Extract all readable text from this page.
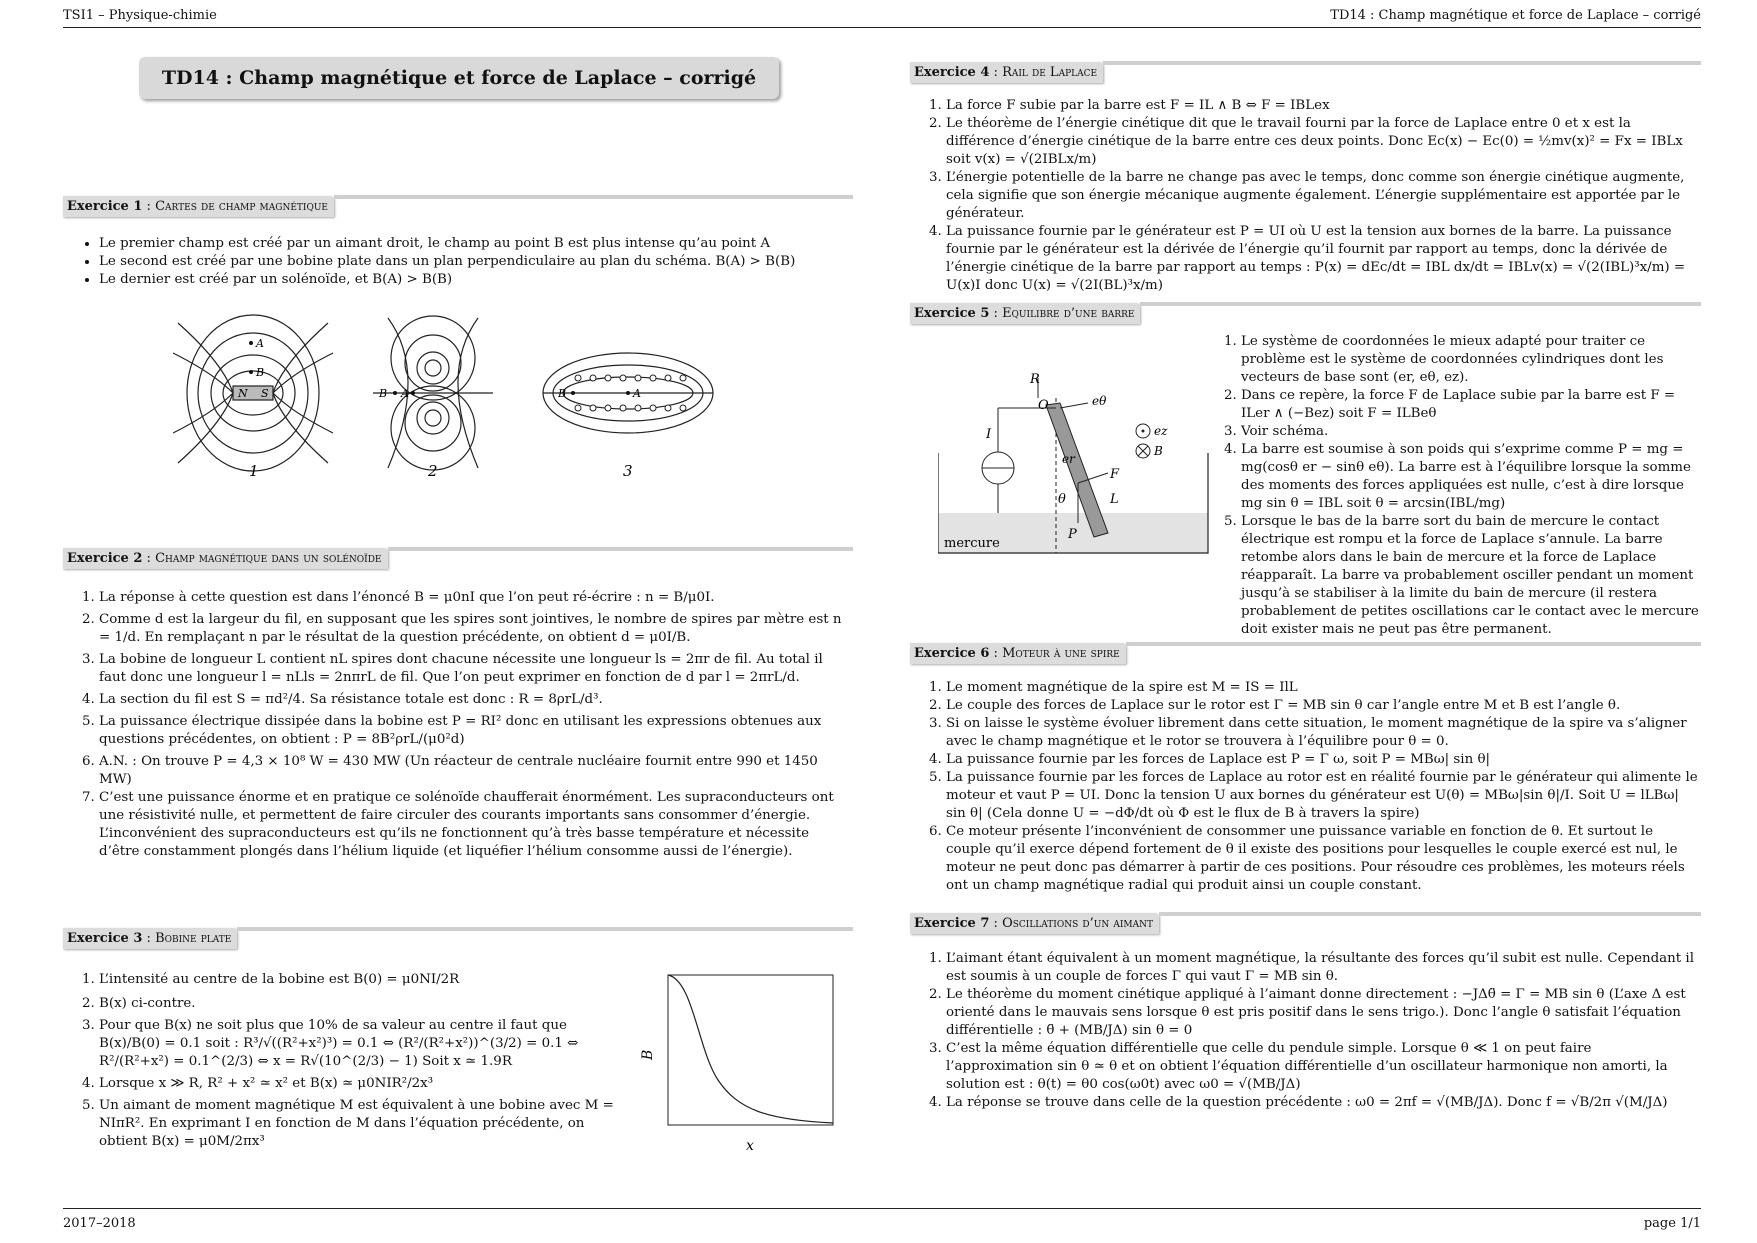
TSI1 – Physique-chimie	TD14 : Champ magnétique et force de Laplace – corrigé
TD14 : Champ magnétique et force de Laplace – corrigé
Exercice 1 : Cartes de champ magnétique
• Le premier champ est créé par un aimant droit, le champ au point B est plus intense qu’au point A
• Le second est créé par une bobine plate dans un plan perpendiculaire au plan du schéma. B(A) > B(B)
• Le dernier est créé par un solénoïde, et B(A) > B(B)
N S
A
B
1
B A
2
B	A
3
Exercice 2 : Champ magnétique dans un solénoïde
1. La réponse à cette question est dans l’énoncé B = μ0nI que l’on peut ré-écrire : n = B/μ0I.
2. Comme d est la largeur du fil, en supposant que les spires sont jointives, le nombre de spires par mètre est n = 1/d. En remplaçant n par le résultat de la question précédente, on obtient d = μ0I/B.
3. La bobine de longueur L contient nL spires dont chacune nécessite une longueur ls = 2πr de fil. Au total il faut donc une longueur l = nLls = 2nπrL de fil. Que l’on peut exprimer en fonction de d par l = 2πrL/d.
4. La section du fil est S = πd²/4. Sa résistance totale est donc : R = 8ρrL/d³.
5. La puissance électrique dissipée dans la bobine est P = RI² donc en utilisant les expressions obtenues aux questions précédentes, on obtient : P = 8B²ρrL/(μ0²d)
6. A.N. : On trouve P = 4,3 × 10⁸ W = 430 MW (Un réacteur de centrale nucléaire fournit entre 990 et 1450 MW)
7. C’est une puissance énorme et en pratique ce solénoïde chaufferait énormément. Les supraconducteurs ont une résistivité nulle, et permettent de faire circuler des courants importants sans consommer d’énergie. L’inconvénient des supraconducteurs est qu’ils ne fonctionnent qu’à très basse température et nécessite d’être constamment plongés dans l’hélium liquide (et liquéfier l’hélium consomme aussi de l’énergie).
Exercice 3 : Bobine plate
1. L’intensité au centre de la bobine est B(0) = μ0NI/2R
2. B(x) ci-contre.
3. Pour que B(x) ne soit plus que 10% de sa valeur au centre il faut que B(x)/B(0) = 0.1 soit : R³/√((R²+x²)³) = 0.1 ⇔ (R²/(R²+x²))^(3/2) = 0.1 ⇔ R²/(R²+x²) = 0.1^(2/3) ⇔ x = R√(10^(2/3) − 1) Soit x ≃ 1.9R
4. Lorsque x ≫ R, R² + x² ≃ x² et B(x) ≃ μ0NIR²/2x³
5. Un aimant de moment magnétique M est équivalent à une bobine avec M = NIπR². En exprimant I en fonction de M dans l’équation précédente, on obtient B(x) = μ0M/2πx³
B
x
Exercice 4 : Rail de Laplace
1. La force F subie par la barre est F = IL ∧ B ⇔ F = IBLex
2. Le théorème de l’énergie cinétique dit que le travail fourni par la force de Laplace entre 0 et x est la différence d’énergie cinétique de la barre entre ces deux points. Donc Ec(x) − Ec(0) = ½mv(x)² = Fx = IBLx soit v(x) = √(2IBLx/m)
3. L’énergie potentielle de la barre ne change pas avec le temps, donc comme son énergie cinétique augmente, cela signifie que son énergie mécanique augmente également. L’énergie supplémentaire est apportée par le générateur.
4. La puissance fournie par le générateur est P = UI où U est la tension aux bornes de la barre. La puissance fournie par le générateur est la dérivée de l’énergie qu’il fournit par rapport au temps, donc la dérivée de l’énergie cinétique de la barre par rapport au temps : P(x) = dEc/dt = IBL dx/dt = IBLv(x) = √(2(IBL)³x/m) = U(x)I donc U(x) = √(2I(BL)³x/m)
Exercice 5 : Equilibre d’une barre
mercure
R
O
I
eθ
er
F
P
θ	L
ez
B
1. Le système de coordonnées le mieux adapté pour traiter ce problème est le système de coordonnées cylindriques dont les vecteurs de base sont (er, eθ, ez).
2. Dans ce repère, la force F de Laplace subie par la barre est F = ILer ∧ (−Bez) soit F = ILBeθ
3. Voir schéma.
4. La barre est soumise à son poids qui s’exprime comme P = mg = mg(cosθ er − sinθ eθ). La barre est à l’équilibre lorsque la somme des moments des forces appliquées est nulle, c’est à dire lorsque mg sin θ = IBL soit θ = arcsin(IBL/mg)
5. Lorsque le bas de la barre sort du bain de mercure le contact électrique est rompu et la force de Laplace s’annule. La barre retombe alors dans le bain de mercure et la force de Laplace réapparaît. La barre va probablement osciller pendant un moment jusqu’à se stabiliser à la limite du bain de mercure (il restera probablement de petites oscillations car le contact avec le mercure doit exister mais ne peut pas être permanent.
Exercice 6 : Moteur à une spire
1. Le moment magnétique de la spire est M = IS = IlL
2. Le couple des forces de Laplace sur le rotor est Γ = MB sin θ car l’angle entre M et B est l’angle θ.
3. Si on laisse le système évoluer librement dans cette situation, le moment magnétique de la spire va s’aligner avec le champ magnétique et le rotor se trouvera à l’équilibre pour θ = 0.
4. La puissance fournie par les forces de Laplace est P = Γ ω, soit P = MBω| sin θ|
5. La puissance fournie par les forces de Laplace au rotor est en réalité fournie par le générateur qui alimente le moteur et vaut P = UI. Donc la tension U aux bornes du générateur est U(θ) = MBω|sin θ|/I. Soit U = lLBω| sin θ| (Cela donne U = −dΦ/dt où Φ est le flux de B à travers la spire)
6. Ce moteur présente l’inconvénient de consommer une puissance variable en fonction de θ. Et surtout le couple qu’il exerce dépend fortement de θ il existe des positions pour lesquelles le couple exercé est nul, le moteur ne peut donc pas démarrer à partir de ces positions. Pour résoudre ces problèmes, les moteurs réels ont un champ magnétique radial qui produit ainsi un couple constant.
Exercice 7 : Oscillations d’un aimant
1. L’aimant étant équivalent à un moment magnétique, la résultante des forces qu’il subit est nulle. Cependant il est soumis à un couple de forces Γ qui vaut Γ = MB sin θ.
2. Le théorème du moment cinétique appliqué à l’aimant donne directement : −JΔθ̈ = Γ = MB sin θ (L’axe Δ est orienté dans le mauvais sens lorsque θ est pris positif dans le sens trigo.). Donc l’angle θ satisfait l’équation différentielle : θ̈ + (MB/JΔ) sin θ = 0
3. C’est la même équation différentielle que celle du pendule simple. Lorsque θ ≪ 1 on peut faire l’approximation sin θ ≃ θ et on obtient l’équation différentielle d’un oscillateur harmonique non amorti, la solution est : θ(t) = θ0 cos(ω0t) avec ω0 = √(MB/JΔ)
4. La réponse se trouve dans celle de la question précédente : ω0 = 2πf = √(MB/JΔ). Donc f = √B/2π √(M/JΔ)
2017–2018	page 1/1
